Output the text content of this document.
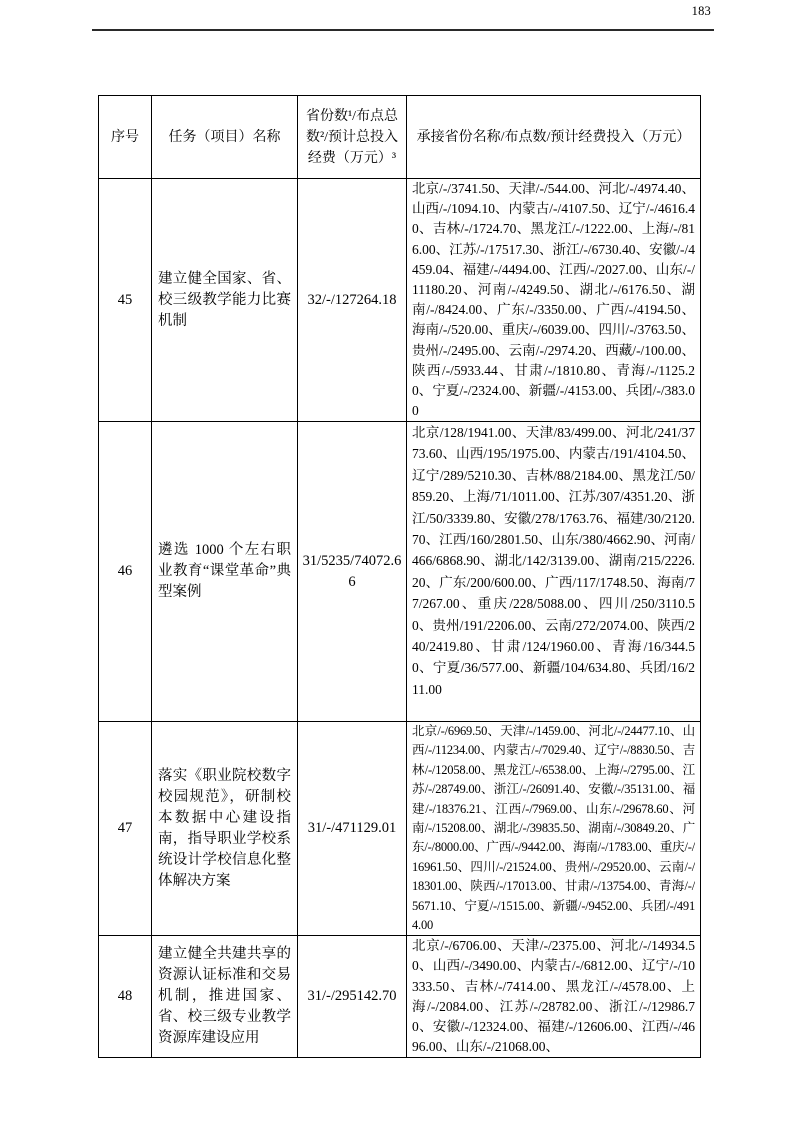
183
序号	任务（项目）名称	省份数¹/布点总数²/预计总投入经费（万元）³	承接省份名称/布点数/预计经费投入（万元）
45	建立健全国家、省、校三级教学能力比赛机制	32/-/127264.18	北京/-/3741.50、天津/-/544.00、河北/-/4974.40、山西/-/1094.10、内蒙古/-/4107.50、辽宁/-/4616.40、吉林/-/1724.70、黑龙江/-/1222.00、上海/-/816.00、江苏/-/17517.30、浙江/-/6730.40、安徽/-/4459.04、福建/-/4494.00、江西/-/2027.00、山东/-/11180.20、河南/-/4249.50、湖北/-/6176.50、湖南/-/8424.00、广东/-/3350.00、广西/-/4194.50、海南/-/520.00、重庆/-/6039.00、四川/-/3763.50、贵州/-/2495.00、云南/-/2974.20、西藏/-/100.00、陕西/-/5933.44、甘肃/-/1810.80、青海/-/1125.20、宁夏/-/2324.00、新疆/-/4153.00、兵团/-/383.00

46	遴选 1000 个左右职业教育“课堂革命”典型案例	31/5235/74072.66	北京/128/1941.00、天津/83/499.00、河北/241/3773.60、山西/195/1975.00、内蒙古/191/4104.50、辽宁/289/5210.30、吉林/88/2184.00、黑龙江/50/859.20、上海/71/1011.00、江苏/307/4351.20、浙江/50/3339.80、安徽/278/1763.76、福建/30/2120.70、江西/160/2801.50、山东/380/4662.90、河南/466/6868.90、湖北/142/3139.00、湖南/215/2226.20、广东/200/600.00、广西/117/1748.50、海南/77/267.00、重庆/228/5088.00、四川/250/3110.50、贵州/191/2206.00、云南/272/2074.00、陕西/240/2419.80、甘肃/124/1960.00、青海/16/344.50、宁夏/36/577.00、新疆/104/634.80、兵团/16/211.00

47	落实《职业院校数字校园规范》，研制校本数据中心建设指南，指导职业学校系统设计学校信息化整体解决方案	31/-/471129.01	北京/-/6969.50、天津/-/1459.00、河北/-/24477.10、山西/-/11234.00、内蒙古/-/7029.40、辽宁/-/8830.50、吉林/-/12058.00、黑龙江/-/6538.00、上海/-/2795.00、江苏/-/28749.00、浙江/-/26091.40、安徽/-/35131.00、福建/-/18376.21、江西/-/7969.00、山东/-/29678.60、河南/-/15208.00、湖北/-/39835.50、湖南/-/30849.20、广东/-/8000.00、广西/-/9442.00、海南/-/1783.00、重庆/-/16961.50、四川/-/21524.00、贵州/-/29520.00、云南/-/18301.00、陕西/-/17013.00、甘肃/-/13754.00、青海/-/5671.10、宁夏/-/1515.00、新疆/-/9452.00、兵团/-/4914.00

48	建立健全共建共享的资源认证标准和交易机制，推进国家、省、校三级专业教学资源库建设应用	31/-/295142.70	北京/-/6706.00、天津/-/2375.00、河北/-/14934.50、山西/-/3490.00、内蒙古/-/6812.00、辽宁/-/10333.50、吉林/-/7414.00、黑龙江/-/4578.00、上海/-/2084.00、江苏/-/28782.00、浙江/-/12986.70、安徽/-/12324.00、福建/-/12606.00、江西/-/4696.00、山东/-/21068.00、
